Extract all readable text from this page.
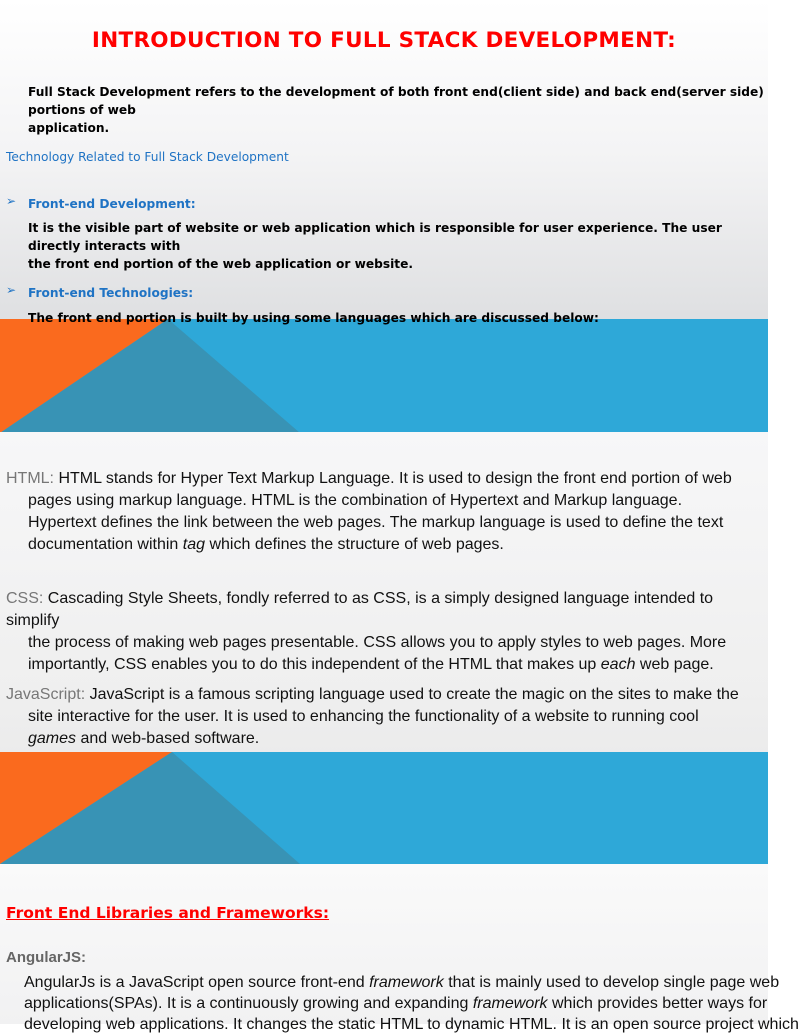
INTRODUCTION TO FULL STACK DEVELOPMENT:
Full Stack Development refers to the development of both front end(client side) and back end(server side) portions of web
application.
Technology Related to Full Stack Development
➢ Front-end Development:
It is the visible part of website or web application which is responsible for user experience. The user directly interacts with
the front end portion of the web application or website.
➢ Front-end Technologies:
The front end portion is built by using some languages which are discussed below:
HTML: HTML stands for Hyper Text Markup Language. It is used to design the front end portion of web
pages using markup language. HTML is the combination of Hypertext and Markup language.
Hypertext defines the link between the web pages. The markup language is used to define the text
documentation within tag which defines the structure of web pages.
CSS: Cascading Style Sheets, fondly referred to as CSS, is a simply designed language intended to simplify
the process of making web pages presentable. CSS allows you to apply styles to web pages. More
importantly, CSS enables you to do this independent of the HTML that makes up each web page.
JavaScript: JavaScript is a famous scripting language used to create the magic on the sites to make the
site interactive for the user. It is used to enhancing the functionality of a website to running cool
games and web-based software.
Front End Libraries and Frameworks:
AngularJS:
AngularJs is a JavaScript open source front-end framework that is mainly used to develop single page web
applications(SPAs). It is a continuously growing and expanding framework which provides better ways for
developing web applications. It changes the static HTML to dynamic HTML. It is an open source project which
